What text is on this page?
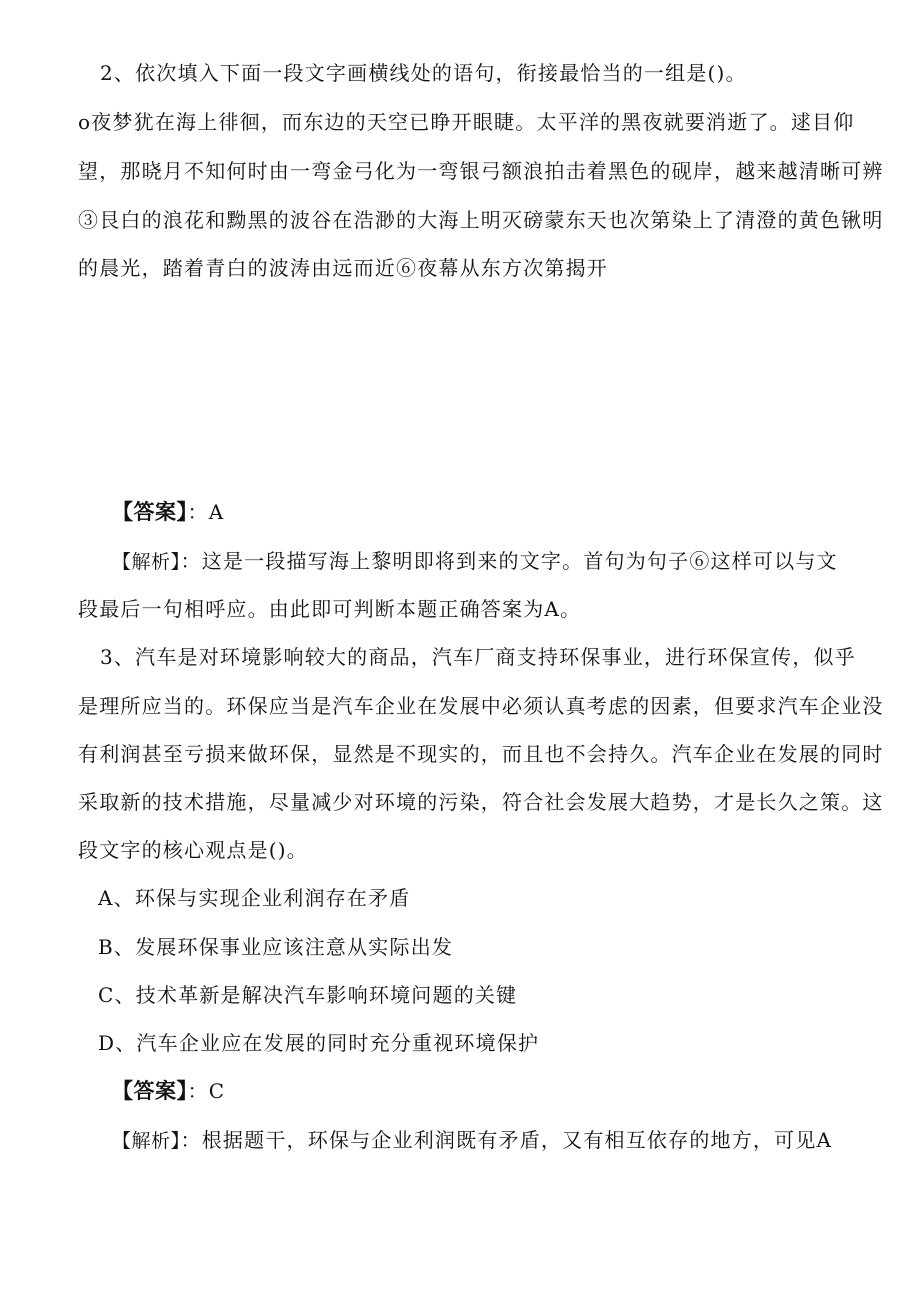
2、依次填入下面一段文字画横线处的语句，衔接最恰当的一组是()。
o夜梦犹在海上徘徊，而东边的天空已睁开眼睫。太平洋的黑夜就要消逝了。逑目仰
望，那晓月不知何时由一弯金弓化为一弯银弓额浪拍击着黑色的砚岸，越来越清晰可辨
③艮白的浪花和黝黑的波谷在浩渺的大海上明灭磅蒙东天也次第染上了清澄的黄色锹明
的晨光，踏着青白的波涛由远而近⑥夜幕从东方次第揭开
【答案】：A
【解析】：这是一段描写海上黎明即将到来的文字。首句为句子⑥这样可以与文
段最后一句相呼应。由此即可判断本题正确答案为A。
3、汽车是对环境影响较大的商品，汽车厂商支持环保事业，进行环保宣传，似乎
是理所应当的。环保应当是汽车企业在发展中必须认真考虑的因素，但要求汽车企业没
有利润甚至亏损来做环保，显然是不现实的，而且也不会持久。汽车企业在发展的同时
采取新的技术措施，尽量减少对环境的污染，符合社会发展大趋势，才是长久之策。这
段文字的核心观点是()。
A、环保与实现企业利润存在矛盾
B、发展环保事业应该注意从实际出发
C、技术革新是解决汽车影响环境问题的关键
D、汽车企业应在发展的同时充分重视环境保护
【答案】：C
【解析】：根据题干，环保与企业利润既有矛盾，又有相互依存的地方，可见A
